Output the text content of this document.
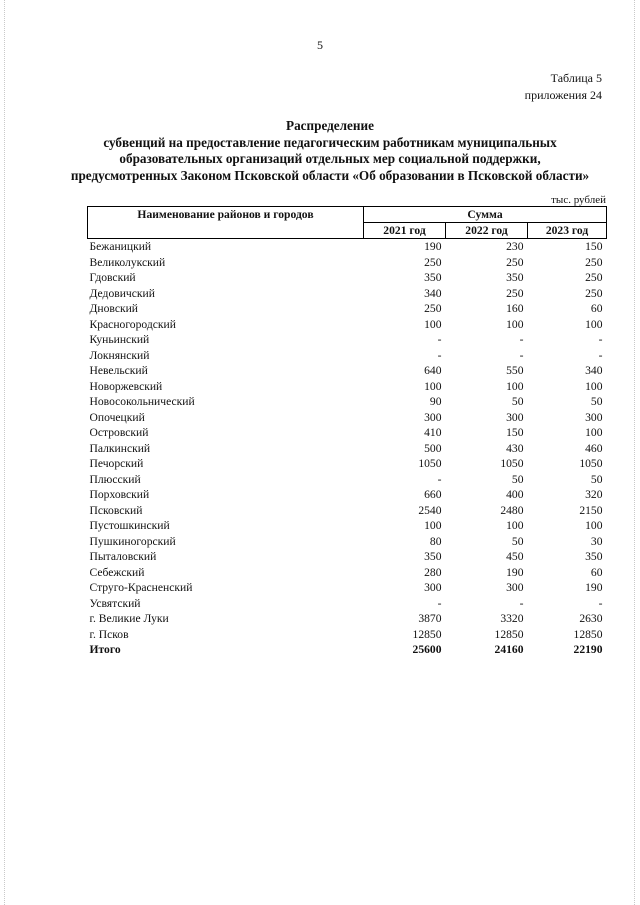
5
Таблица 5
приложения 24
Распределение
субвенций на предоставление педагогическим работникам муниципальных
образовательных организаций отдельных мер социальной поддержки,
предусмотренных Законом Псковской области «Об образовании в Псковской области»
тыс. рублей
Наименование районов и городов	Сумма		
	2021 год	2022 год	2023 год
Бежаницкий	190	230	150
Великолукский	250	250	250
Гдовский	350	350	250
Дедовичский	340	250	250
Дновский	250	160	60
Красногородский	100	100	100
Куньинский	-	-	-
Локнянский	-	-	-
Невельский	640	550	340
Новоржевский	100	100	100
Новосокольнический	90	50	50
Опочецкий	300	300	300
Островский	410	150	100
Палкинский	500	430	460
Печорский	1050	1050	1050
Плюсский	-	50	50
Порховский	660	400	320
Псковский	2540	2480	2150
Пустошкинский	100	100	100
Пушкиногорский	80	50	30
Пыталовский	350	450	350
Себежский	280	190	60
Струго-Красненский	300	300	190
Усвятский	-	-	-
г. Великие Луки	3870	3320	2630
г. Псков	12850	12850	12850
Итого	25600	24160	22190
